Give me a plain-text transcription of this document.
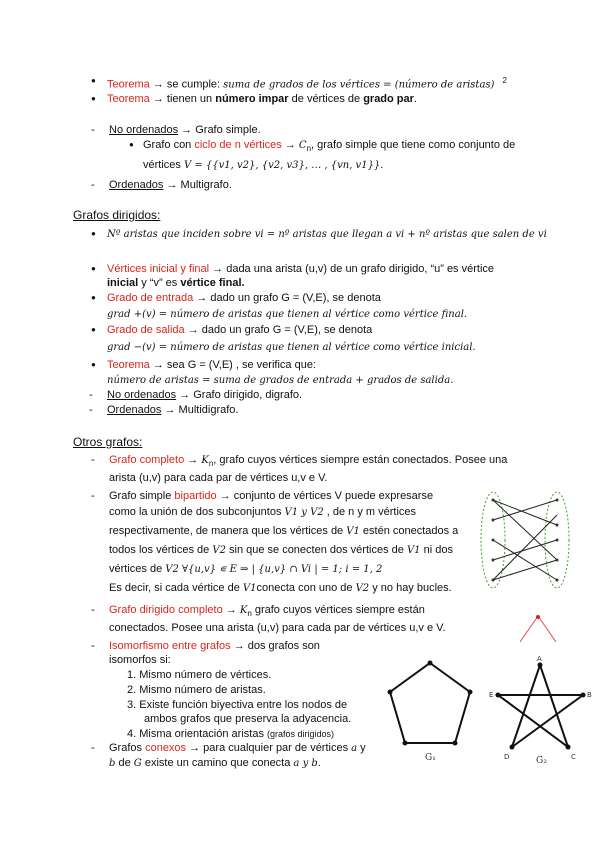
● Teorema → se cumple: suma de grados de los vértices = (número de aristas) $^2$
● Teorema → tienen un número impar de vértices de grado par.
- No ordenados → Grafo simple.
● Grafo con ciclo de n vértices → $C_n$, grafo simple que tiene como conjunto de
vértices V = {{v1, v2}, {v2, v3}, … , {vn, v1}}.
- Ordenados → Multigrafo.
Grafos dirigidos:
● Nº aristas que inciden sobre vi = nº aristas que llegan a vi + nº aristas que salen de vi
● Vértices inicial y final → dada una arista (u,v) de un grafo dirigido, “u” es vértice
inicial y “v” es vértice final.
● Grado de entrada → dado un grafo G = (V,E), se denota
grad +(v) = número de aristas que tienen al vértice como vértice final.
● Grado de salida → dado un grafo G = (V,E), se denota
grad −(v) = número de aristas que tienen al vértice como vértice inicial.
● Teorema → sea G = (V,E) , se verifica que:
número de aristas = suma de grados de entrada + grados de salida.
- No ordenados → Grafo dirigido, digrafo.
- Ordenados → Multidigrafo.
Otros grafos:
- Grafo completo → $K_n$, grafo cuyos vértices siempre están conectados. Posee una
arista (u,v) para cada par de vértices u,v e V.
- Grafo simple bipartido → conjunto de vértices V puede expresarse
como la unión de dos subconjuntos V1 y V2 , de n y m vértices
respectivamente, de manera que los vértices de V1 estén conectados a
todos los vértices de V2 sin que se conecten dos vértices de V1 ni dos
vértices de V2 ∀{u,v} ∊ E ⇒ | {u,v} ∩ Vi | = 1; i = 1, 2
Es decir, si cada vértice de V1conecta con uno de V2 y no hay bucles.
- Grafo dirigido completo → $K_n$ grafo cuyos vértices siempre están
conectados. Posee una arista (u,v) para cada par de vértices u,v e V.
- Isomorfismo entre grafos → dos grafos son
isomorfos si:
1. Mismo número de vértices.
2. Mismo número de aristas.
3. Existe función biyectiva entre los nodos de
ambos grafos que preserva la adyacencia.
4. Misma orientación aristas (grafos dirigidos)
- Grafos conexos → para cualquier par de vértices a y
b de G existe un camino que conecta a y b.	G₁
A
B
C
D
E
G₂
